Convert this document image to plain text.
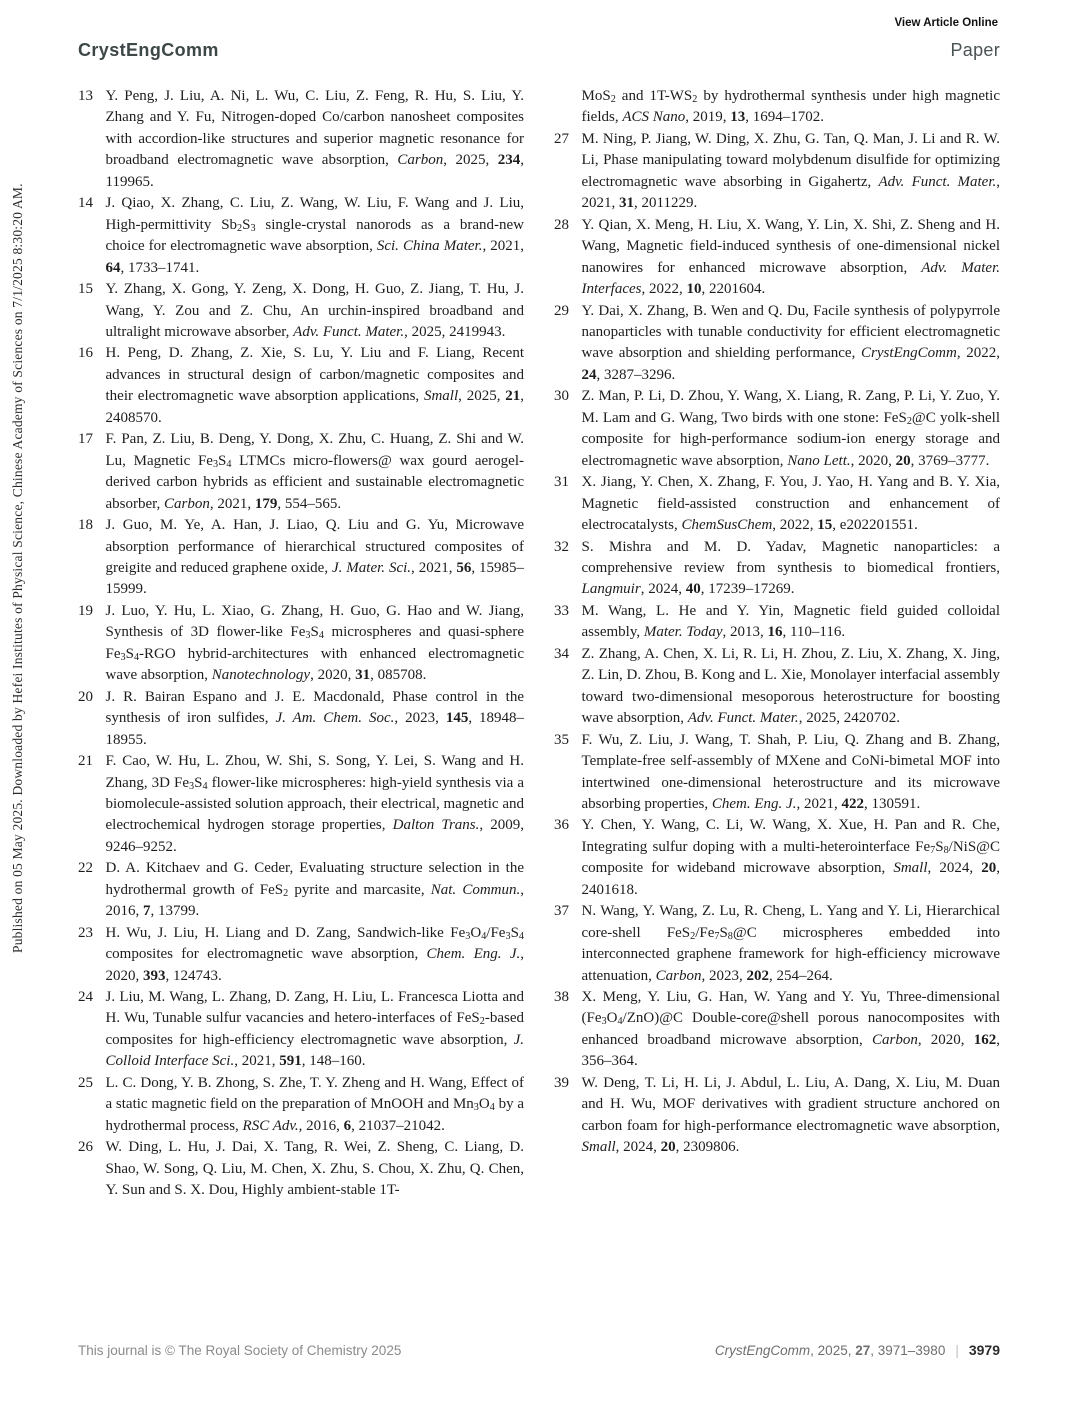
Published on 05 May 2025. Downloaded by Hefei Institutes of Physical Science, Chinese Academy of Sciences on 7/1/2025 8:30:20 AM.
View Article Online
CrystEngComm	Paper
13 Y. Peng, J. Liu, A. Ni, L. Wu, C. Liu, Z. Feng, R. Hu, S. Liu, Y. Zhang and Y. Fu, Nitrogen-doped Co/carbon nanosheet composites with accordion-like structures and superior magnetic resonance for broadband electromagnetic wave absorption, Carbon, 2025, 234, 119965.
14 J. Qiao, X. Zhang, C. Liu, Z. Wang, W. Liu, F. Wang and J. Liu, High-permittivity Sb2S3 single-crystal nanorods as a brand-new choice for electromagnetic wave absorption, Sci. China Mater., 2021, 64, 1733–1741.
15 Y. Zhang, X. Gong, Y. Zeng, X. Dong, H. Guo, Z. Jiang, T. Hu, J. Wang, Y. Zou and Z. Chu, An urchin-inspired broadband and ultralight microwave absorber, Adv. Funct. Mater., 2025, 2419943.
16 H. Peng, D. Zhang, Z. Xie, S. Lu, Y. Liu and F. Liang, Recent advances in structural design of carbon/magnetic composites and their electromagnetic wave absorption applications, Small, 2025, 21, 2408570.
17 F. Pan, Z. Liu, B. Deng, Y. Dong, X. Zhu, C. Huang, Z. Shi and W. Lu, Magnetic Fe3S4 LTMCs micro-flowers@ wax gourd aerogel-derived carbon hybrids as efficient and sustainable electromagnetic absorber, Carbon, 2021, 179, 554–565.
18 J. Guo, M. Ye, A. Han, J. Liao, Q. Liu and G. Yu, Microwave absorption performance of hierarchical structured composites of greigite and reduced graphene oxide, J. Mater. Sci., 2021, 56, 15985–15999.
19 J. Luo, Y. Hu, L. Xiao, G. Zhang, H. Guo, G. Hao and W. Jiang, Synthesis of 3D flower-like Fe3S4 microspheres and quasi-sphere Fe3S4-RGO hybrid-architectures with enhanced electromagnetic wave absorption, Nanotechnology, 2020, 31, 085708.
20 J. R. Bairan Espano and J. E. Macdonald, Phase control in the synthesis of iron sulfides, J. Am. Chem. Soc., 2023, 145, 18948–18955.
21 F. Cao, W. Hu, L. Zhou, W. Shi, S. Song, Y. Lei, S. Wang and H. Zhang, 3D Fe3S4 flower-like microspheres: high-yield synthesis via a biomolecule-assisted solution approach, their electrical, magnetic and electrochemical hydrogen storage properties, Dalton Trans., 2009, 9246–9252.
22 D. A. Kitchaev and G. Ceder, Evaluating structure selection in the hydrothermal growth of FeS2 pyrite and marcasite, Nat. Commun., 2016, 7, 13799.
23 H. Wu, J. Liu, H. Liang and D. Zang, Sandwich-like Fe3O4/Fe3S4 composites for electromagnetic wave absorption, Chem. Eng. J., 2020, 393, 124743.
24 J. Liu, M. Wang, L. Zhang, D. Zang, H. Liu, L. Francesca Liotta and H. Wu, Tunable sulfur vacancies and hetero-interfaces of FeS2-based composites for high-efficiency electromagnetic wave absorption, J. Colloid Interface Sci., 2021, 591, 148–160.
25 L. C. Dong, Y. B. Zhong, S. Zhe, T. Y. Zheng and H. Wang, Effect of a static magnetic field on the preparation of MnOOH and Mn3O4 by a hydrothermal process, RSC Adv., 2016, 6, 21037–21042.
26 W. Ding, L. Hu, J. Dai, X. Tang, R. Wei, Z. Sheng, C. Liang, D. Shao, W. Song, Q. Liu, M. Chen, X. Zhu, S. Chou, X. Zhu, Q. Chen, Y. Sun and S. X. Dou, Highly ambient-stable 1T-
MoS2 and 1T-WS2 by hydrothermal synthesis under high magnetic fields, ACS Nano, 2019, 13, 1694–1702.
27 M. Ning, P. Jiang, W. Ding, X. Zhu, G. Tan, Q. Man, J. Li and R. W. Li, Phase manipulating toward molybdenum disulfide for optimizing electromagnetic wave absorbing in Gigahertz, Adv. Funct. Mater., 2021, 31, 2011229.
28 Y. Qian, X. Meng, H. Liu, X. Wang, Y. Lin, X. Shi, Z. Sheng and H. Wang, Magnetic field-induced synthesis of one-dimensional nickel nanowires for enhanced microwave absorption, Adv. Mater. Interfaces, 2022, 10, 2201604.
29 Y. Dai, X. Zhang, B. Wen and Q. Du, Facile synthesis of polypyrrole nanoparticles with tunable conductivity for efficient electromagnetic wave absorption and shielding performance, CrystEngComm, 2022, 24, 3287–3296.
30 Z. Man, P. Li, D. Zhou, Y. Wang, X. Liang, R. Zang, P. Li, Y. Zuo, Y. M. Lam and G. Wang, Two birds with one stone: FeS2@C yolk-shell composite for high-performance sodium-ion energy storage and electromagnetic wave absorption, Nano Lett., 2020, 20, 3769–3777.
31 X. Jiang, Y. Chen, X. Zhang, F. You, J. Yao, H. Yang and B. Y. Xia, Magnetic field-assisted construction and enhancement of electrocatalysts, ChemSusChem, 2022, 15, e202201551.
32 S. Mishra and M. D. Yadav, Magnetic nanoparticles: a comprehensive review from synthesis to biomedical frontiers, Langmuir, 2024, 40, 17239–17269.
33 M. Wang, L. He and Y. Yin, Magnetic field guided colloidal assembly, Mater. Today, 2013, 16, 110–116.
34 Z. Zhang, A. Chen, X. Li, R. Li, H. Zhou, Z. Liu, X. Zhang, X. Jing, Z. Lin, D. Zhou, B. Kong and L. Xie, Monolayer interfacial assembly toward two-dimensional mesoporous heterostructure for boosting wave absorption, Adv. Funct. Mater., 2025, 2420702.
35 F. Wu, Z. Liu, J. Wang, T. Shah, P. Liu, Q. Zhang and B. Zhang, Template-free self-assembly of MXene and CoNi-bimetal MOF into intertwined one-dimensional heterostructure and its microwave absorbing properties, Chem. Eng. J., 2021, 422, 130591.
36 Y. Chen, Y. Wang, C. Li, W. Wang, X. Xue, H. Pan and R. Che, Integrating sulfur doping with a multi-heterointerface Fe7S8/NiS@C composite for wideband microwave absorption, Small, 2024, 20, 2401618.
37 N. Wang, Y. Wang, Z. Lu, R. Cheng, L. Yang and Y. Li, Hierarchical core-shell FeS2/Fe7S8@C microspheres embedded into interconnected graphene framework for high-efficiency microwave attenuation, Carbon, 2023, 202, 254–264.
38 X. Meng, Y. Liu, G. Han, W. Yang and Y. Yu, Three-dimensional (Fe3O4/ZnO)@C Double-core@shell porous nanocomposites with enhanced broadband microwave absorption, Carbon, 2020, 162, 356–364.
39 W. Deng, T. Li, H. Li, J. Abdul, L. Liu, A. Dang, X. Liu, M. Duan and H. Wu, MOF derivatives with gradient structure anchored on carbon foam for high-performance electromagnetic wave absorption, Small, 2024, 20, 2309806.
This journal is © The Royal Society of Chemistry 2025	CrystEngComm, 2025, 27, 3971–3980 | 3979
